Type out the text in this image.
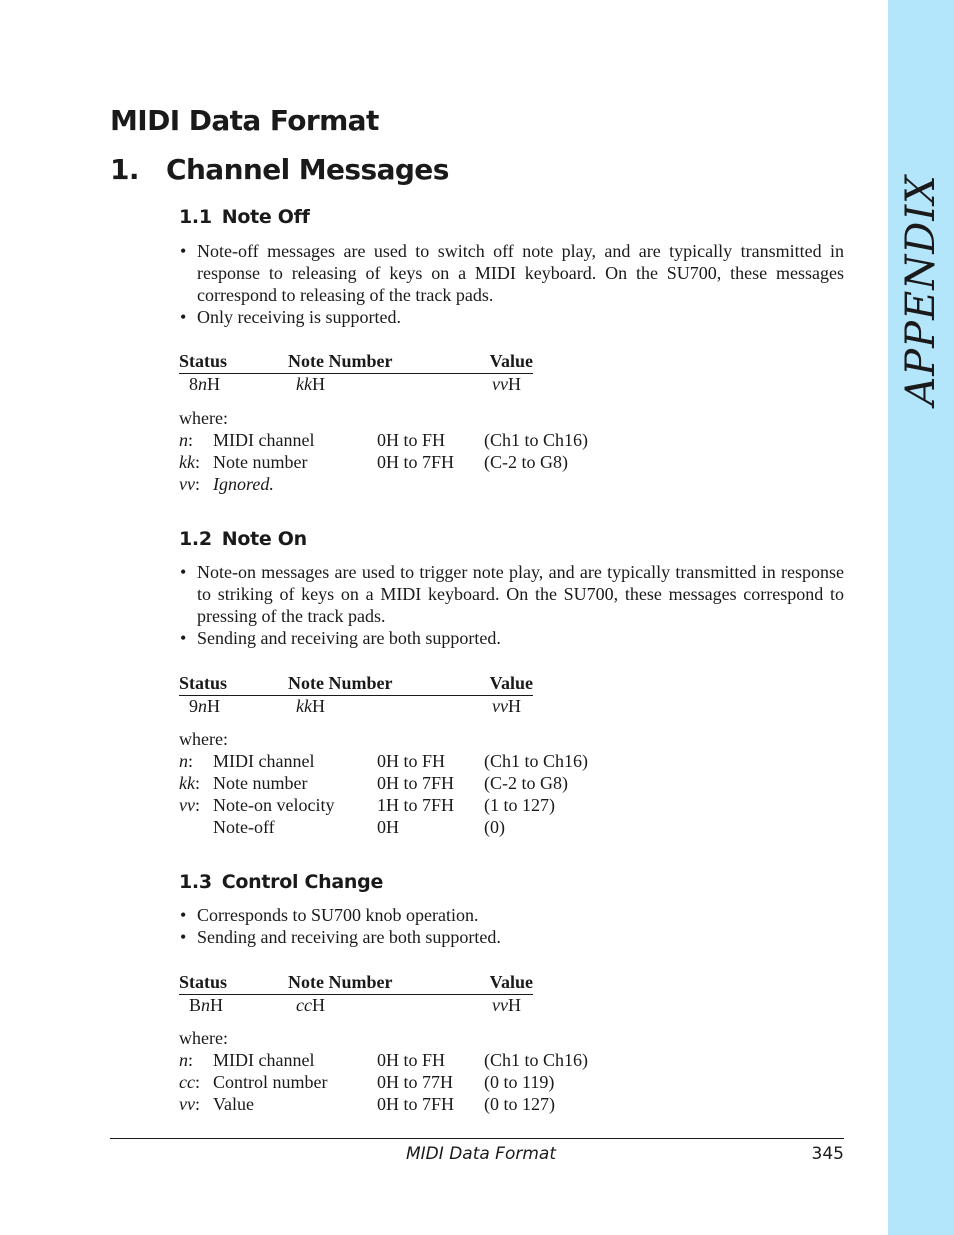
APPENDIX
MIDI Data Format
1. Channel Messages
1.1 Note Off
• Note-off messages are used to switch off note play, and are typically transmitted in response to releasing of keys on a MIDI keyboard. On the SU700, these messages correspond to releasing of the track pads.
• Only receiving is supported.
Status	Note Number	Value
8nH	kkH	vvH
where:
n: MIDI channel	0H to FH (Ch1 to Ch16)
kk: Note number	0H to 7FH (C-2 to G8)
vv: Ignored.
1.2 Note On
• Note-on messages are used to trigger note play, and are typically transmitted in response to striking of keys on a MIDI keyboard. On the SU700, these messages correspond to pressing of the track pads.
• Sending and receiving are both supported.
Status	Note Number	Value
9nH	kkH	vvH
where:
n: MIDI channel	0H to FH (Ch1 to Ch16)
kk: Note number	0H to 7FH (C-2 to G8)
vv: Note-on velocity 1H to 7FH (1 to 127)
Note-off	0H	(0)
1.3 Control Change
• Corresponds to SU700 knob operation.
• Sending and receiving are both supported.
Status	Note Number	Value
BnH	ccH	vvH
where:
n: MIDI channel	0H to FH (Ch1 to Ch16)
cc: Control number	0H to 77H (0 to 119)
vv: Value	0H to 7FH (0 to 127)
MIDI Data Format	345
